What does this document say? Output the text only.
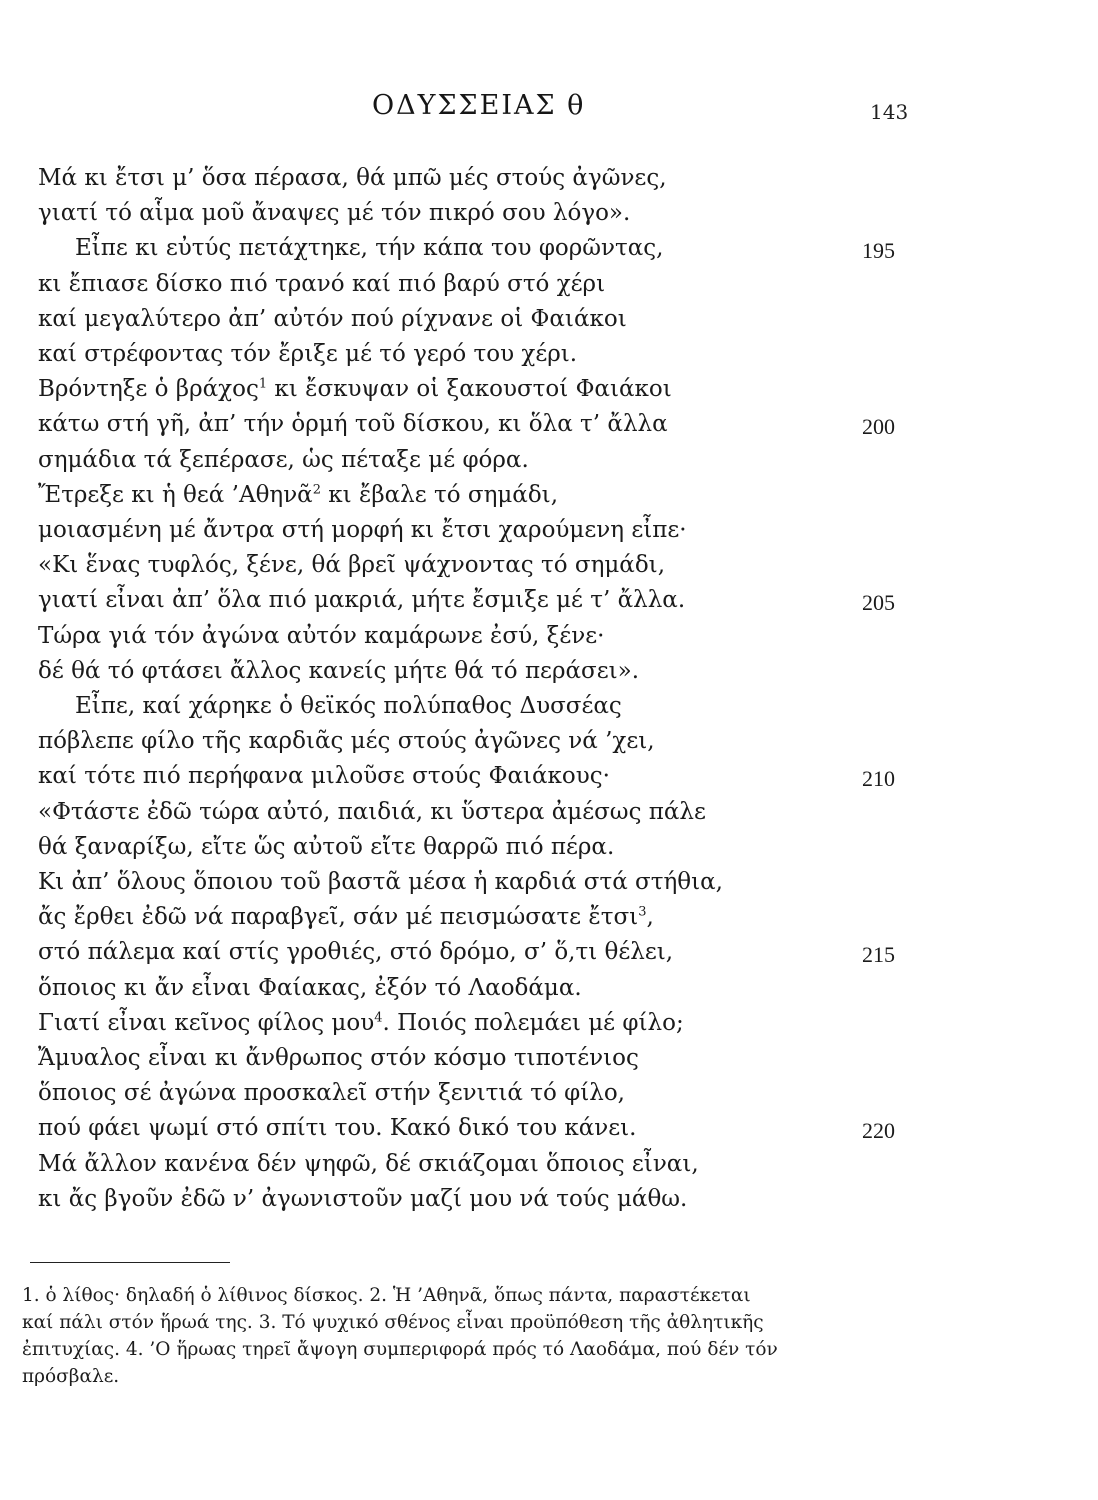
ΟΔΥΣΣΕΙΑΣ θ	143
Μά κι ἔτσι μ’ ὅσα πέρασα, θά μπῶ μές στούς ἀγῶνες,
γιατί τό αἷμα μοῦ ἄναψες μέ τόν πικρό σου λόγο».
Εἶπε κι εὐτύς πετάχτηκε, τήν κάπα του φορῶντας,	195
κι ἔπιασε δίσκο πιό τρανό καί πιό βαρύ στό χέρι
καί μεγαλύτερο ἀπ’ αὐτόν πού ρίχνανε οἱ Φαιάκοι
καί στρέφοντας τόν ἔριξε μέ τό γερό του χέρι.
Βρόντηξε ὁ βράχος$^1$ κι ἔσκυψαν οἱ ξακουστοί Φαιάκοι
κάτω στή γῆ, ἀπ’ τήν ὁρμή τοῦ δίσκου, κι ὅλα τ’ ἄλλα	200
σημάδια τά ξεπέρασε, ὡς πέταξε μέ φόρα.
Ἔτρεξε κι ἡ θεά ’Αθηνᾶ$^2$ κι ἔβαλε τό σημάδι,
μοιασμένη μέ ἄντρα στή μορφή κι ἔτσι χαρούμενη εἶπε·
«Κι ἕνας τυφλός, ξένε, θά βρεῖ ψάχνοντας τό σημάδι,
γιατί εἶναι ἀπ’ ὅλα πιό μακριά, μήτε ἔσμιξε μέ τ’ ἄλλα.	205
Τώρα γιά τόν ἀγώνα αὐτόν καμάρωνε ἐσύ, ξένε·
δέ θά τό φτάσει ἄλλος κανείς μήτε θά τό περάσει».
Εἶπε, καί χάρηκε ὁ θεϊκός πολύπαθος Δυσσέας
πόβλεπε φίλο τῆς καρδιᾶς μές στούς ἀγῶνες νά ’χει,
καί τότε πιό περήφανα μιλοῦσε στούς Φαιάκους·	210
«Φτάστε ἐδῶ τώρα αὐτό, παιδιά, κι ὕστερα ἀμέσως πάλε
θά ξαναρίξω, εἴτε ὥς αὐτοῦ εἴτε θαρρῶ πιό πέρα.
Κι ἀπ’ ὅλους ὅποιου τοῦ βαστᾶ μέσα ἡ καρδιά στά στήθια,
ἄς ἔρθει ἐδῶ νά παραβγεῖ, σάν μέ πεισμώσατε ἔτσι$^3$,
στό πάλεμα καί στίς γροθιές, στό δρόμο, σ’ ὅ,τι θέλει,	215
ὅποιος κι ἄν εἶναι Φαίακας, ἐξόν τό Λαοδάμα.
Γιατί εἶναι κεῖνος φίλος μου$^4$. Ποιός πολεμάει μέ φίλο;
Ἄμυαλος εἶναι κι ἄνθρωπος στόν κόσμο τιποτένιος
ὅποιος σέ ἀγώνα προσκαλεῖ στήν ξενιτιά τό φίλο,
πού φάει ψωμί στό σπίτι του. Κακό δικό του κάνει.	220
Μά ἄλλον κανένα δέν ψηφῶ, δέ σκιάζομαι ὅποιος εἶναι,
κι ἄς βγοῦν ἐδῶ ν’ ἀγωνιστοῦν μαζί μου νά τούς μάθω.
1. ὁ λίθος· δηλαδή ὁ λίθινος δίσκος. 2. Ἡ ’Αθηνᾶ, ὅπως πάντα, παραστέκεται
καί πάλι στόν ἥρωά της. 3. Τό ψυχικό σθένος εἶναι προϋπόθεση τῆς ἀθλητικῆς
ἐπιτυχίας. 4. ’Ο ἥρωας τηρεῖ ἄψογη συμπεριφορά πρός τό Λαοδάμα, πού δέν τόν
πρόσβαλε.
